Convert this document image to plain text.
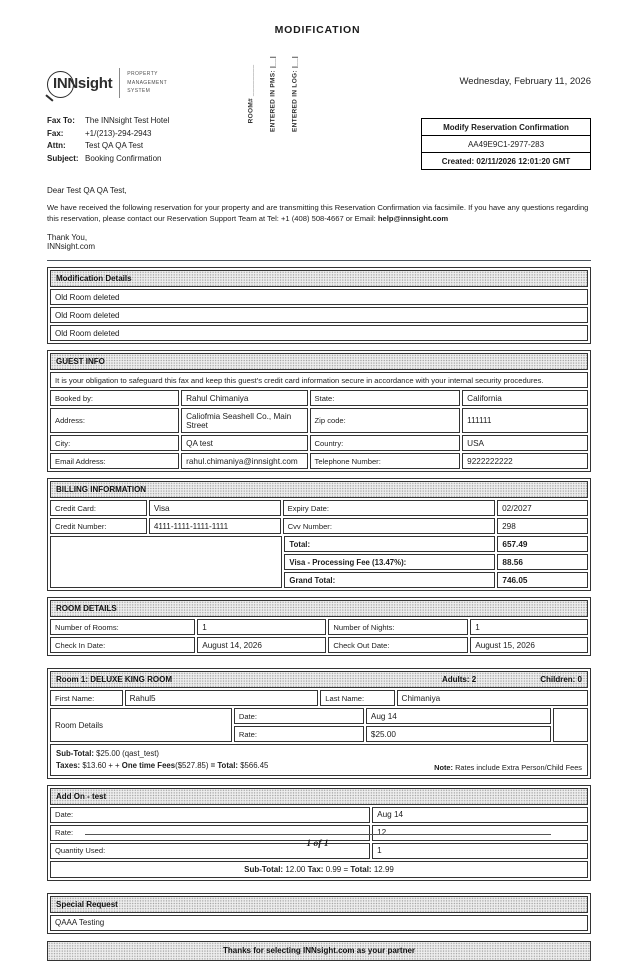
MODIFICATION
INNsight
PROPERTY
MANAGEMENT
SYSTEM	ROOM# ________ ENTERED IN PMS: |__| ENTERED IN LOG: |__|	Wednesday, February 11, 2026
Fax To:	The INNsight Test Hotel
Fax:	+1/(213)-294-2943
Attn:	Test QA QA Test
Subject: Booking Confirmation
Modify Reservation Confirmation
AA49E9C1-2977-283
Created: 02/11/2026 12:01:20 GMT
Dear Test QA QA Test,
We have received the following reservation for your property and are transmitting this Reservation Confirmation via facsimile. If you have any questions regarding this reservation, please contact our Reservation Support Team at Tel: +1 (408) 508-4667 or Email: help@innsight.com
Thank You,
INNsight.com
Modification Details
Old Room deleted
Old Room deleted
Old Room deleted
GUEST INFO
It is your obligation to safeguard this fax and keep this guest's credit card information secure in accordance with your internal security procedures.
Booked by:	Rahul Chimaniya	State:	California
Address:	Caliofmia Seashell Co., Main Street	Zip code:	111111
City:	QA test	Country:	USA
Email Address:	rahul.chimaniya@innsight.com	Telephone Number:	9222222222
BILLING INFORMATION
Credit Card:	Visa	Expiry Date:	02/2027
Credit Number:	4111-1111-1111-1111	Cvv Number:	298
Total:	657.49
Visa - Processing Fee (13.47%):	88.56
Grand Total:	746.05
ROOM DETAILS
Number of Rooms:	1	Number of Nights:	1
Check In Date:	August 14, 2026	Check Out Date:	August 15, 2026
Room 1: DELUXE KING ROOM	Adults: 2	Children: 0
First Name:	Rahul5	Last Name:	Chimaniya
Room Details
Date:	Aug 14
Rate:	$25.00
Sub-Total: $25.00 (qast_test)
Taxes: $13.60 + + One time Fees($527.85) = Total: $566.45	Note: Rates include Extra Person/Child Fees
Add On - test
Date:	Aug 14
Rate:	12
Quantity Used:	1
Sub-Total: 12.00 Tax: 0.99 = Total: 12.99
Special Request
QAAA Testing
Thanks for selecting INNsight.com as your partner
1 of 1
